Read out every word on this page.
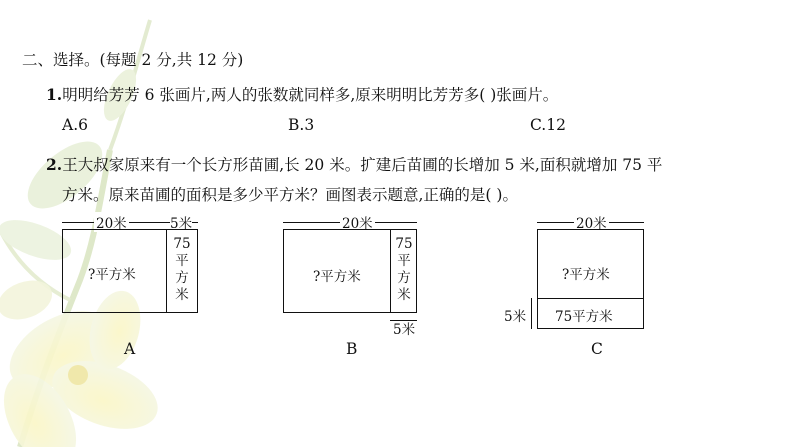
二、选择。(每题 2 分,共 12 分)
1.明明给芳芳 6 张画片,两人的张数就同样多,原来明明比芳芳多( )张画片。
A.6	B.3	C.12
2.王大叔家原来有一个长方形苗圃,长 20 米。扩建后苗圃的长增加 5 米,面积就增加 75 平
方米。原来苗圃的面积是多少平方米？画图表示题意,正确的是( )。
20米	5米
?平方米
75平方米
A
20米
?平方米
75平方米
5米
B
20米
?平方米
75平方米
5米
C
